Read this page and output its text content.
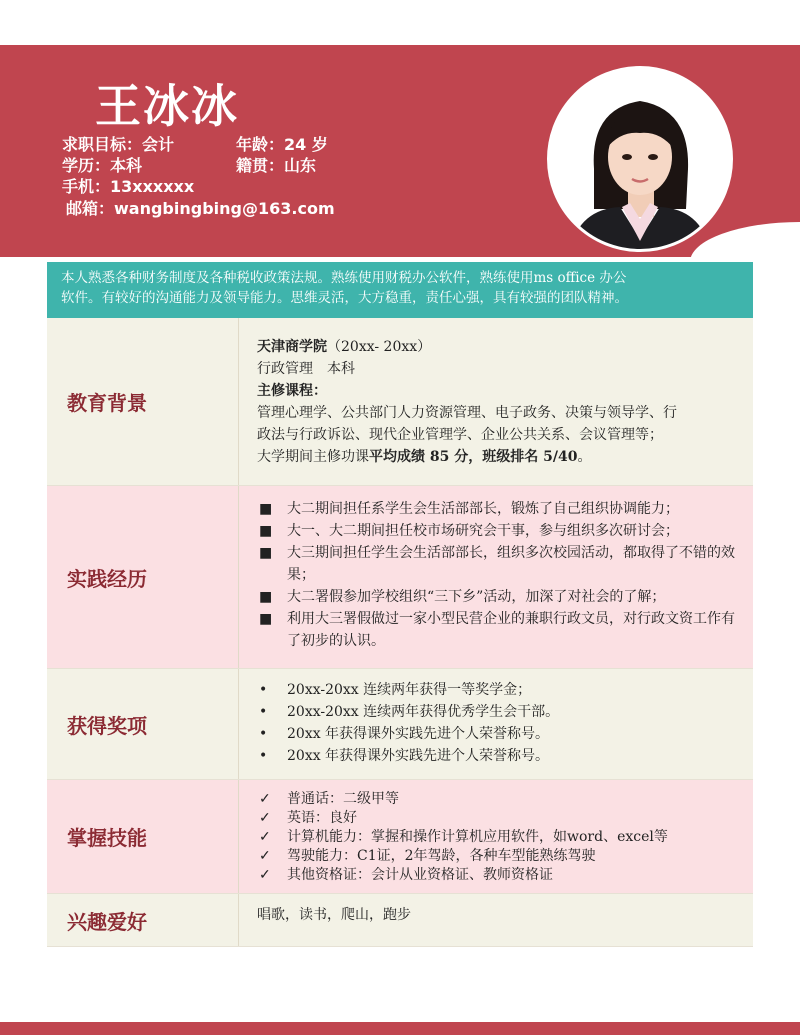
王冰冰
求职目标：会计	年龄：24 岁
学历：本科	籍贯：山东
手机：13xxxxxx
邮箱：wangbingbing@163.com
本人熟悉各种财务制度及各种税收政策法规。熟练使用财税办公软件，熟练使用ms office 办公
软件。有较好的沟通能力及领导能力。思维灵活，大方稳重，责任心强，具有较强的团队精神。
教育背景
天津商学院（20xx- 20xx）
行政管理　本科
主修课程：
管理心理学、公共部门人力资源管理、电子政务、决策与领导学、行
政法与行政诉讼、现代企业管理学、企业公共关系、会议管理等；
大学期间主修功课平均成绩 85 分，班级排名 5/40。
实践经历
■	大二期间担任系学生会生活部部长，锻炼了自己组织协调能力；
■	大一、大二期间担任校市场研究会干事，参与组织多次研讨会；
■	大三期间担任学生会生活部部长，组织多次校园活动，都取得了不错的效果；
■	大二署假参加学校组织“三下乡”活动，加深了对社会的了解；
■	利用大三署假做过一家小型民营企业的兼职行政文员，对行政文资工作有了初步的认识。
获得奖项
•	20xx-20xx 连续两年获得一等奖学金；
•	20xx-20xx 连续两年获得优秀学生会干部。
•	20xx 年获得课外实践先进个人荣誉称号。
•	20xx 年获得课外实践先进个人荣誉称号。
掌握技能
✓	普通话：二级甲等
✓	英语：良好
✓	计算机能力：掌握和操作计算机应用软件，如word、excel等
✓	驾驶能力：C1证，2年驾龄，各种车型能熟练驾驶
✓	其他资格证：会计从业资格证、教师资格证
兴趣爱好	唱歌，读书，爬山，跑步
